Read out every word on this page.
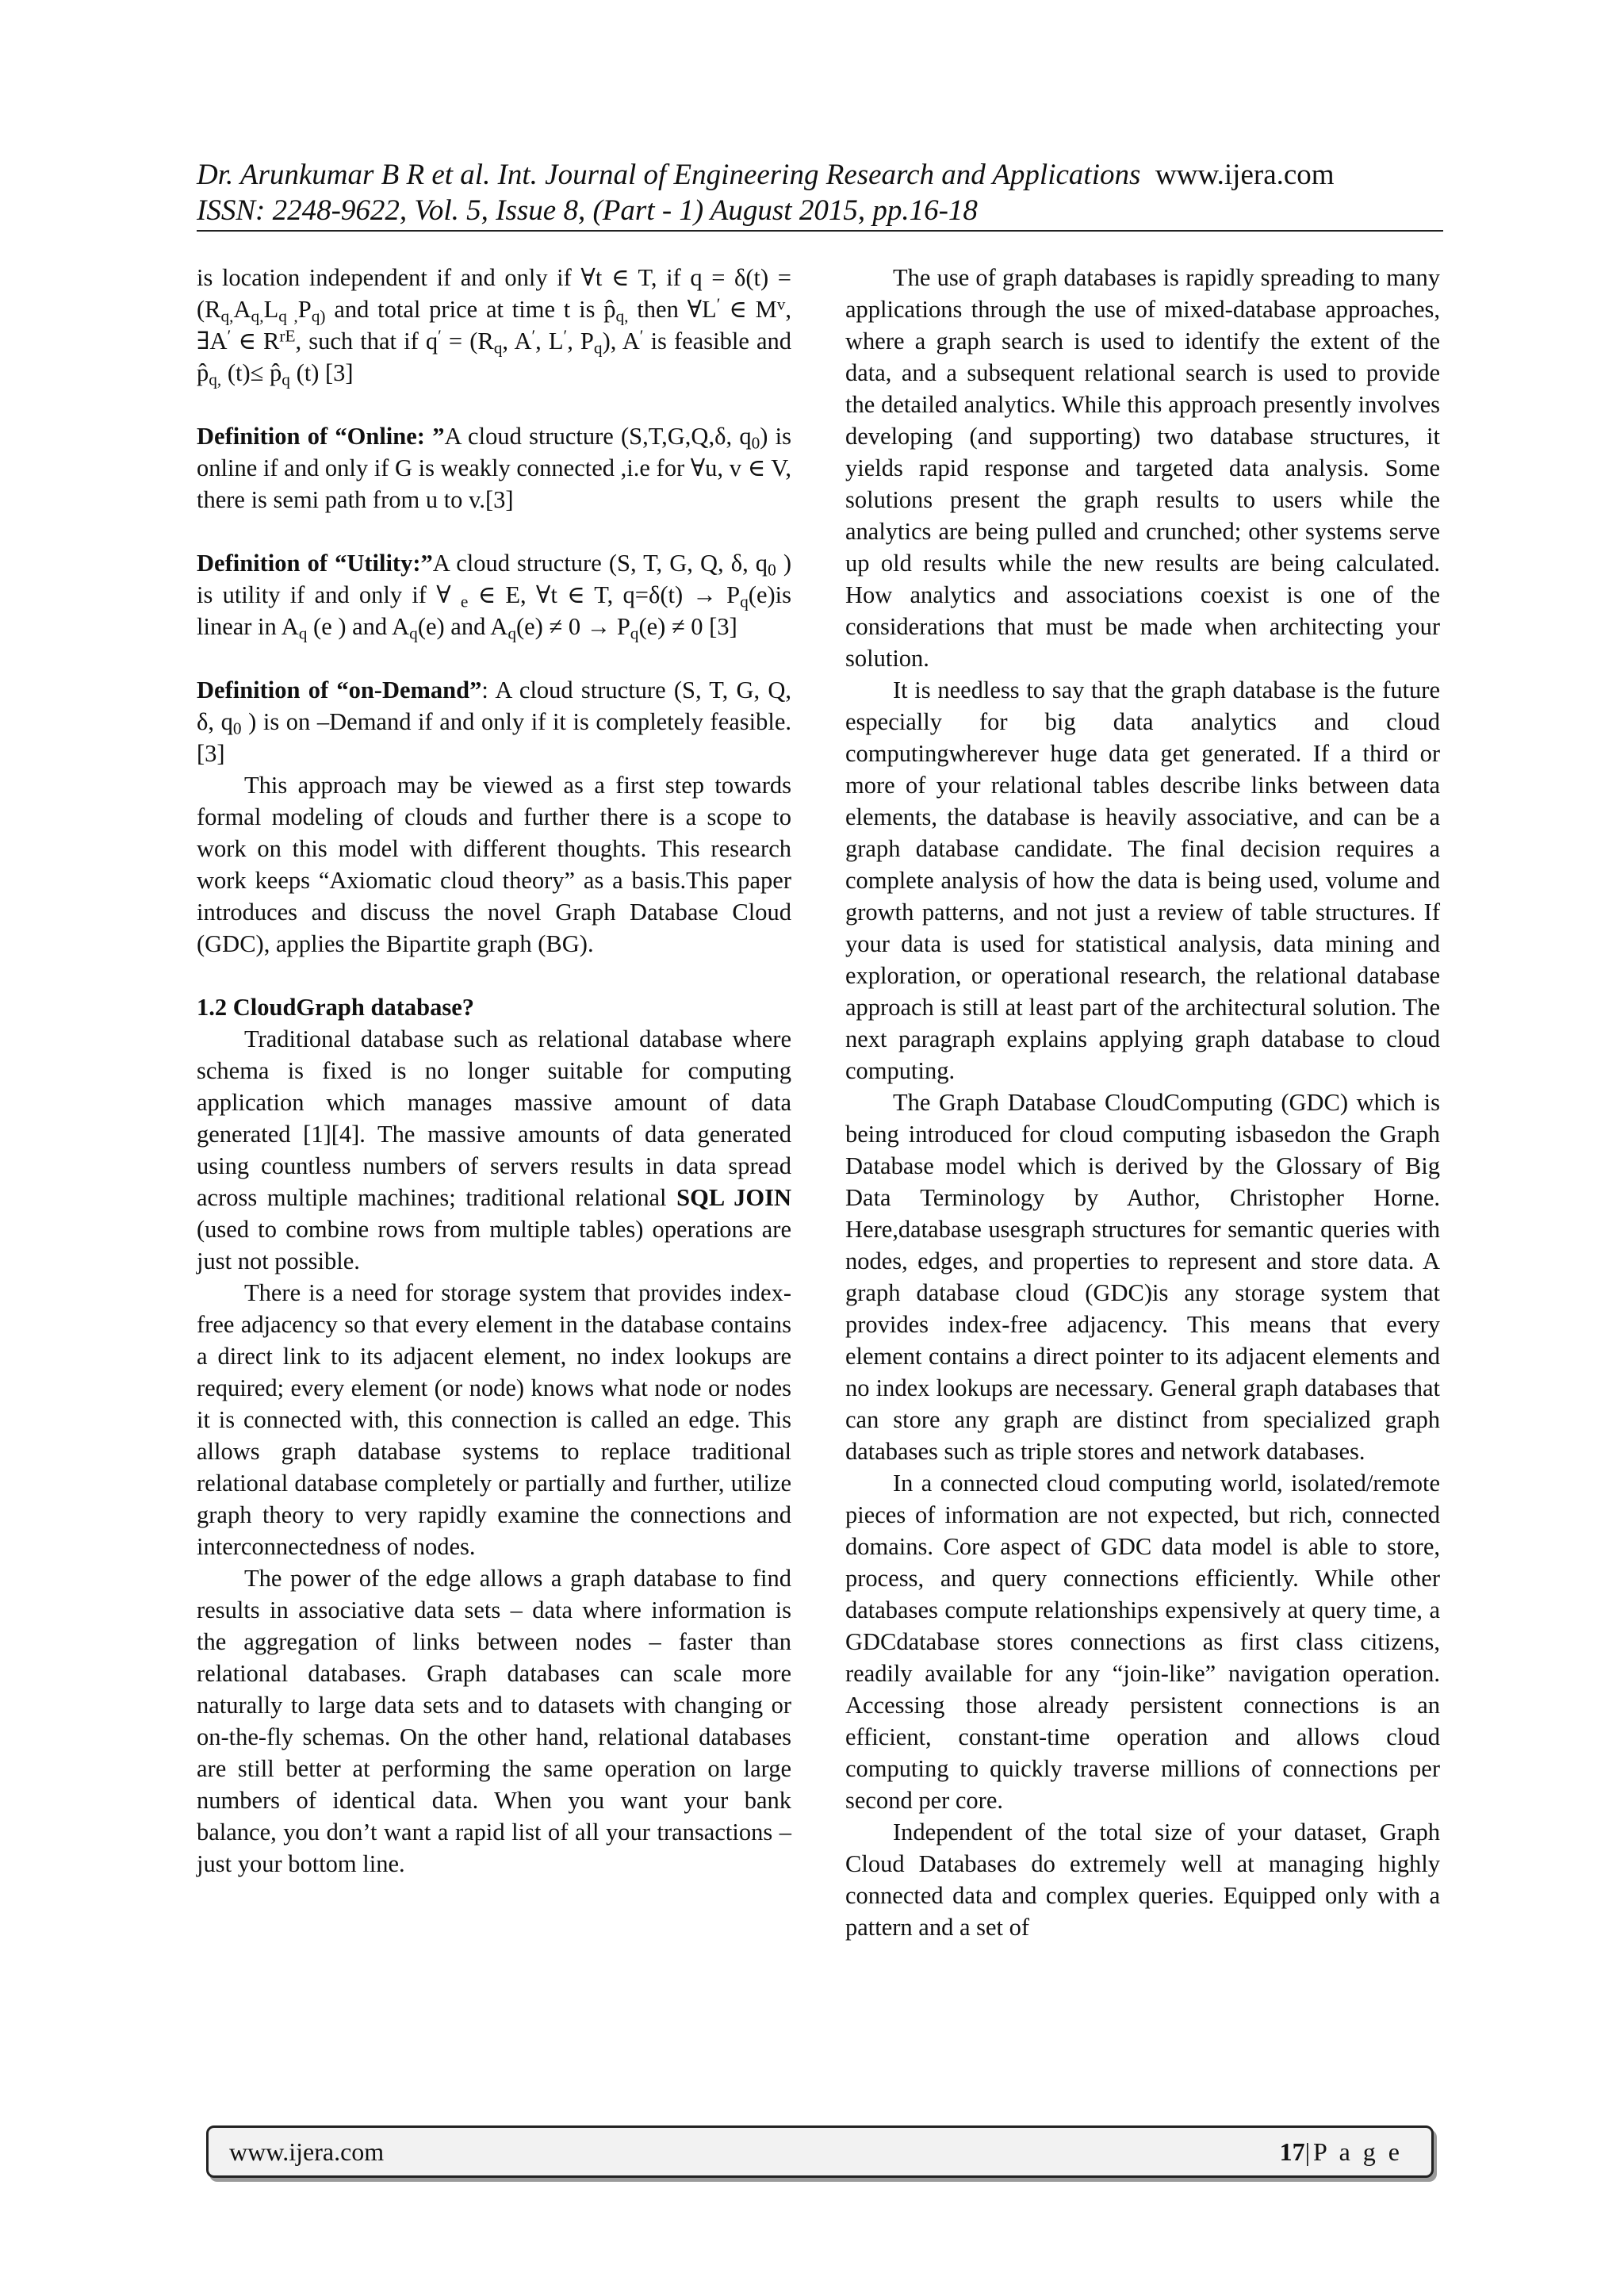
Dr. Arunkumar B R et al. Int. Journal of Engineering Research and Applications www.ijera.com
ISSN: 2248-9622, Vol. 5, Issue 8, (Part - 1) August 2015, pp.16-18

is location independent if and only if ∀t ∈ T, if $q = \delta(t) = (R_{q,}A_{q,}L_{q ,}P_{q)}$ and total price at time t is $p̂_{q,}$ then ∀L′ ∈ $M^v$, ∃A′ ∈ $R^{rE}$, such that if $q' = (R_q$, A′, L′, $P_q$), A′ is feasible and $p̂_{q,}$ $(t)\le p̂_q$ (t) [3]

Definition of “Online: ”A cloud structure (S,T,G,Q,δ, $q_0$) is online if and only if G is weakly connected ,i.e for ∀u, v ∈ V, there is semi path from u to v.[3]

Definition of “Utility:”A cloud structure (S, T, G, Q, δ, $q_0$ ) is utility if and only if ∀ $_e$ ∈ E, ∀t ∈ T, $q=\delta(t) \to P_q(e)is$ linear in $A_q$ (e ) and $A_q(e)$ and $A_q(e) \ne 0 \to P_q(e) \ne 0$ [3]

Definition of “on-Demand”: A cloud structure (S, T, G, Q, δ, $q_0$ ) is on –Demand if and only if it is completely feasible.[3]

This approach may be viewed as a first step towards formal modeling of clouds and further there is a scope to work on this model with different thoughts. This research work keeps “Axiomatic cloud theory” as a basis.This paper introduces and discuss the novel Graph Database Cloud (GDC), applies the Bipartite graph (BG).

1.2 CloudGraph database?

Traditional database such as relational database where schema is fixed is no longer suitable for computing application which manages massive amount of data generated [1][4]. The massive amounts of data generated using countless numbers of servers results in data spread across multiple machines; traditional relational SQL JOIN (used to combine rows from multiple tables) operations are just not possible.

There is a need for storage system that provides index-free adjacency so that every element in the database contains a direct link to its adjacent element, no index lookups are required; every element (or node) knows what node or nodes it is connected with, this connection is called an edge. This allows graph database systems to replace traditional relational database completely or partially and further, utilize graph theory to very rapidly examine the connections and interconnectedness of nodes.

The power of the edge allows a graph database to find results in associative data sets – data where information is the aggregation of links between nodes – faster than relational databases. Graph databases can scale more naturally to large data sets and to datasets with changing or on-the-fly schemas. On the other hand, relational databases are still better at performing the same operation on large numbers of identical data. When you want your bank balance, you don’t want a rapid list of all your transactions – just your bottom line.

The use of graph databases is rapidly spreading to many applications through the use of mixed-database approaches, where a graph search is used to identify the extent of the data, and a subsequent relational search is used to provide the detailed analytics. While this approach presently involves developing (and supporting) two database structures, it yields rapid response and targeted data analysis. Some solutions present the graph results to users while the analytics are being pulled and crunched; other systems serve up old results while the new results are being calculated. How analytics and associations coexist is one of the considerations that must be made when architecting your solution.

It is needless to say that the graph database is the future especially for big data analytics and cloud computingwherever huge data get generated. If a third or more of your relational tables describe links between data elements, the database is heavily associative, and can be a graph database candidate. The final decision requires a complete analysis of how the data is being used, volume and growth patterns, and not just a review of table structures. If your data is used for statistical analysis, data mining and exploration, or operational research, the relational database approach is still at least part of the architectural solution. The next paragraph explains applying graph database to cloud computing.

The Graph Database CloudComputing (GDC) which is being introduced for cloud computing isbasedon the Graph Database model which is derived by the Glossary of Big Data Terminology by Author, Christopher Horne. Here,database usesgraph structures for semantic queries with nodes, edges, and properties to represent and store data. A graph database cloud (GDC)is any storage system that provides index-free adjacency. This means that every element contains a direct pointer to its adjacent elements and no index lookups are necessary. General graph databases that can store any graph are distinct from specialized graph databases such as triple stores and network databases.

In a connected cloud computing world, isolated/remote pieces of information are not expected, but rich, connected domains. Core aspect of GDC data model is able to store, process, and query connections efficiently. While other databases compute relationships expensively at query time, a GDCdatabase stores connections as first class citizens, readily available for any “join-like” navigation operation. Accessing those already persistent connections is an efficient, constant-time operation and allows cloud computing to quickly traverse millions of connections per second per core.

Independent of the total size of your dataset, Graph Cloud Databases do extremely well at managing highly connected data and complex queries. Equipped only with a pattern and a set of

www.ijera.com	17|P a g e
